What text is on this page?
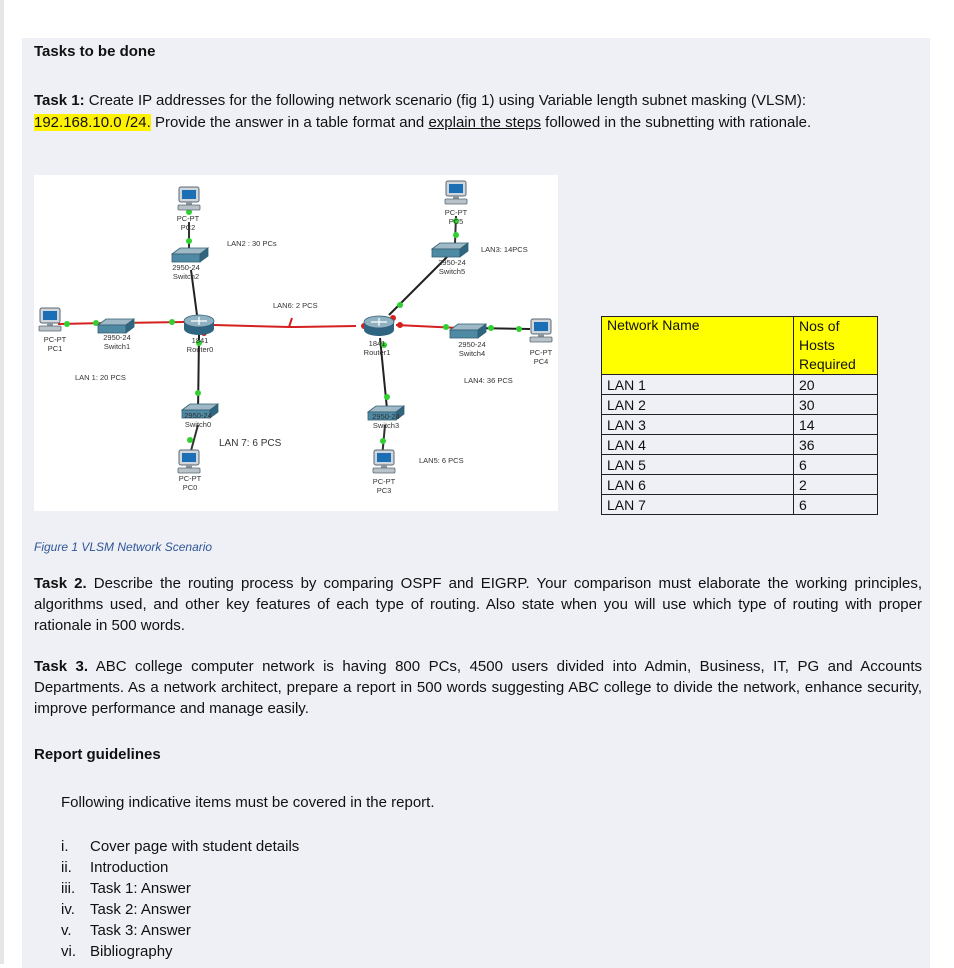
Tasks to be done
Task 1: Create IP addresses for the following network scenario (fig 1) using Variable length subnet masking (VLSM):
192.168.10.0 /24. Provide the answer in a table format and explain the steps followed in the subnetting with rationale.
PC-PT
PC2
2950-24
Switch2
PC-PT
PC1
2950-24
Switch1
1841
Router0
2950-24
Switch0
PC-PT
PC0
1841
Router1
PC-PT
PC5
2950-24
Switch5
2950-24
Switch4	PC-PT
PC4
2950-24
Switch3
PC-PT
PC3
LAN 1: 20 PCS
LAN2 : 30 PCs
LAN3: 14PCS
LAN4: 36 PCS
LAN5: 6 PCS
LAN6: 2 PCS
LAN 7: 6 PCS
Network Name	Nos of Hosts
Required
LAN 1	20
LAN 2	30
LAN 3	14
LAN 4	36
LAN 5	6
LAN 6	2
LAN 7	6
Figure 1 VLSM Network Scenario
Task 2. Describe the routing process by comparing OSPF and EIGRP. Your comparison must elaborate the working principles, algorithms used, and other key features of each type of routing. Also state when you will use which type of routing with proper rationale in 500 words.
Task 3. ABC college computer network is having 800 PCs, 4500 users divided into Admin, Business, IT, PG and Accounts Departments. As a network architect, prepare a report in 500 words suggesting ABC college to divide the network, enhance security, improve performance and manage easily.
Report guidelines
Following indicative items must be covered in the report.
i. Cover page with student details
ii. Introduction
iii. Task 1: Answer
iv. Task 2: Answer
v. Task 3: Answer
vi. Bibliography
